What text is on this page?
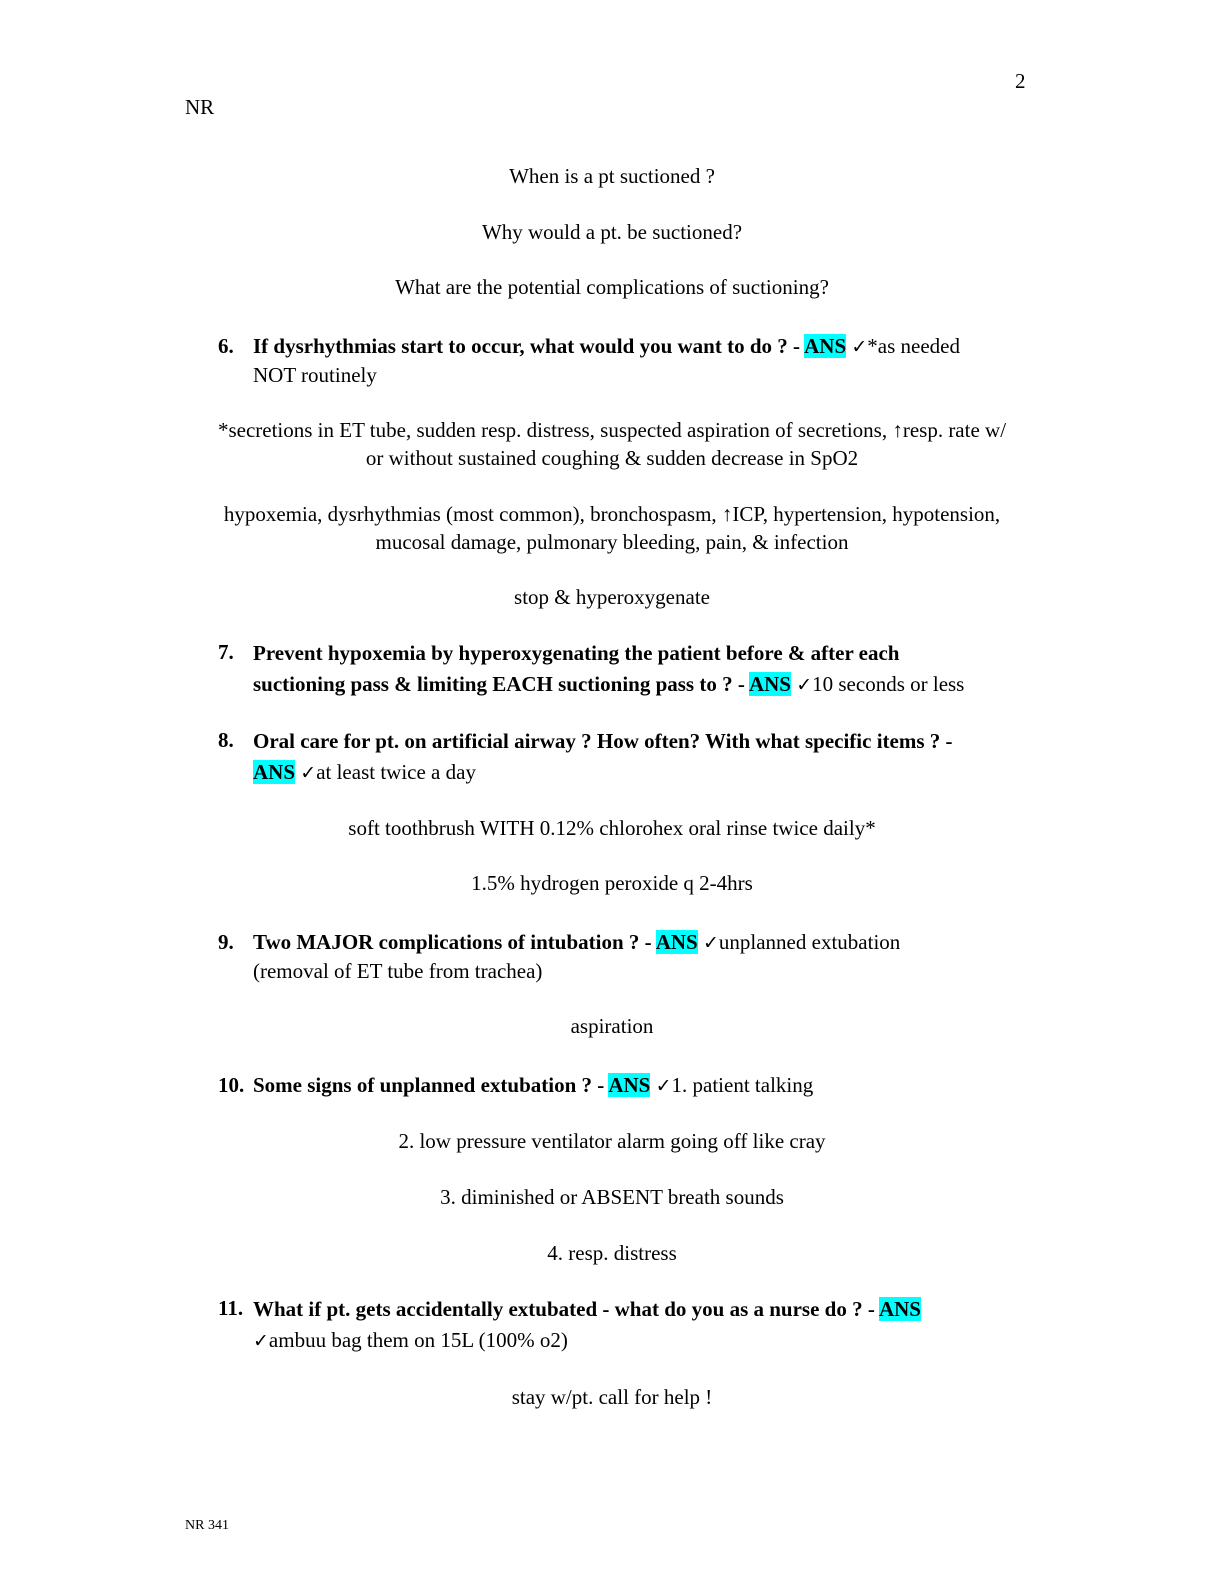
NR
2
When is a pt suctioned ?
Why would a pt. be suctioned?
What are the potential complications of suctioning?
6. If dysrhythmias start to occur, what would you want to do ? - ANS ✓*as needed
NOT routinely
*secretions in ET tube, sudden resp. distress, suspected aspiration of secretions, ↑resp. rate w/
or without sustained coughing & sudden decrease in SpO2
hypoxemia, dysrhythmias (most common), bronchospasm, ↑ICP, hypertension, hypotension,
mucosal damage, pulmonary bleeding, pain, & infection
stop & hyperoxygenate
7. Prevent hypoxemia by hyperoxygenating the patient before & after each
suctioning pass & limiting EACH suctioning pass to ? - ANS ✓10 seconds or less
8. Oral care for pt. on artificial airway ? How often? With what specific items ? -
ANS ✓at least twice a day
soft toothbrush WITH 0.12% chlorohex oral rinse twice daily*
1.5% hydrogen peroxide q 2-4hrs
9. Two MAJOR complications of intubation ? - ANS ✓unplanned extubation
(removal of ET tube from trachea)
aspiration
10. Some signs of unplanned extubation ? - ANS ✓1. patient talking
2. low pressure ventilator alarm going off like cray
3. diminished or ABSENT breath sounds
4. resp. distress
11. What if pt. gets accidentally extubated - what do you as a nurse do ? - ANS
✓ambuu bag them on 15L (100% o2)
stay w/pt. call for help !
NR 341
